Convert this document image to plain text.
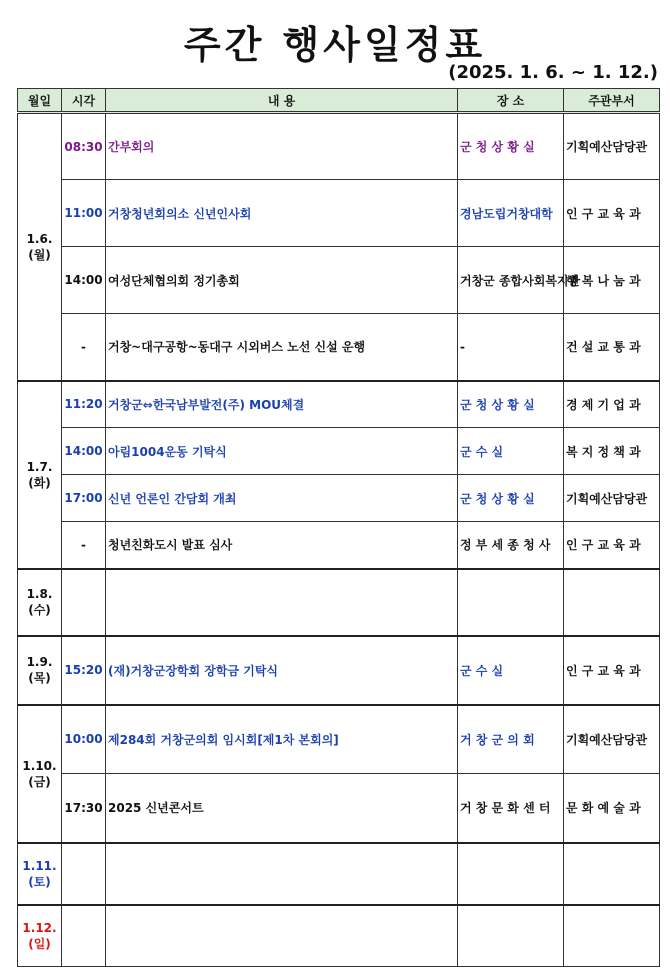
주간 행사일정표
(2025. 1. 6. ~ 1. 12.)
월일	시각	내 용	장 소	주관부서

1.6.
(월)	08:30	간부회의	군 청 상 황 실	기획예산담당관
	11:00	거창청년회의소 신년인사회	경남도립거창대학	인 구 교 육 과
	14:00	여성단체협의회 정기총회	거창군 종합사회복지관	행 복 나 눔 과
	-	거창~대구공항~동대구 시외버스 노선 신설 운행	-	건 설 교 통 과

1.7.
(화)	11:20	거창군⇔한국남부발전(주) MOU체결	군 청 상 황 실	경 제 기 업 과
	14:00	아림1004운동 기탁식	군 수 실	복 지 정 책 과
	17:00	신년 언론인 간담회 개최	군 청 상 황 실	기획예산담당관
	-	청년친화도시 발표 심사	정 부 세 종 청 사	인 구 교 육 과

1.8.
(수)				

1.9.
(목)	15:20	(재)거창군장학회 장학금 기탁식	군 수 실	인 구 교 육 과

1.10.
(금)	10:00	제284회 거창군의회 임시회[제1차 본회의]	거 창 군 의 회	기획예산담당관
	17:30	2025 신년콘서트	거 창 문 화 센 터	문 화 예 술 과

1.11.
(토)				

1.12.
(일)				
